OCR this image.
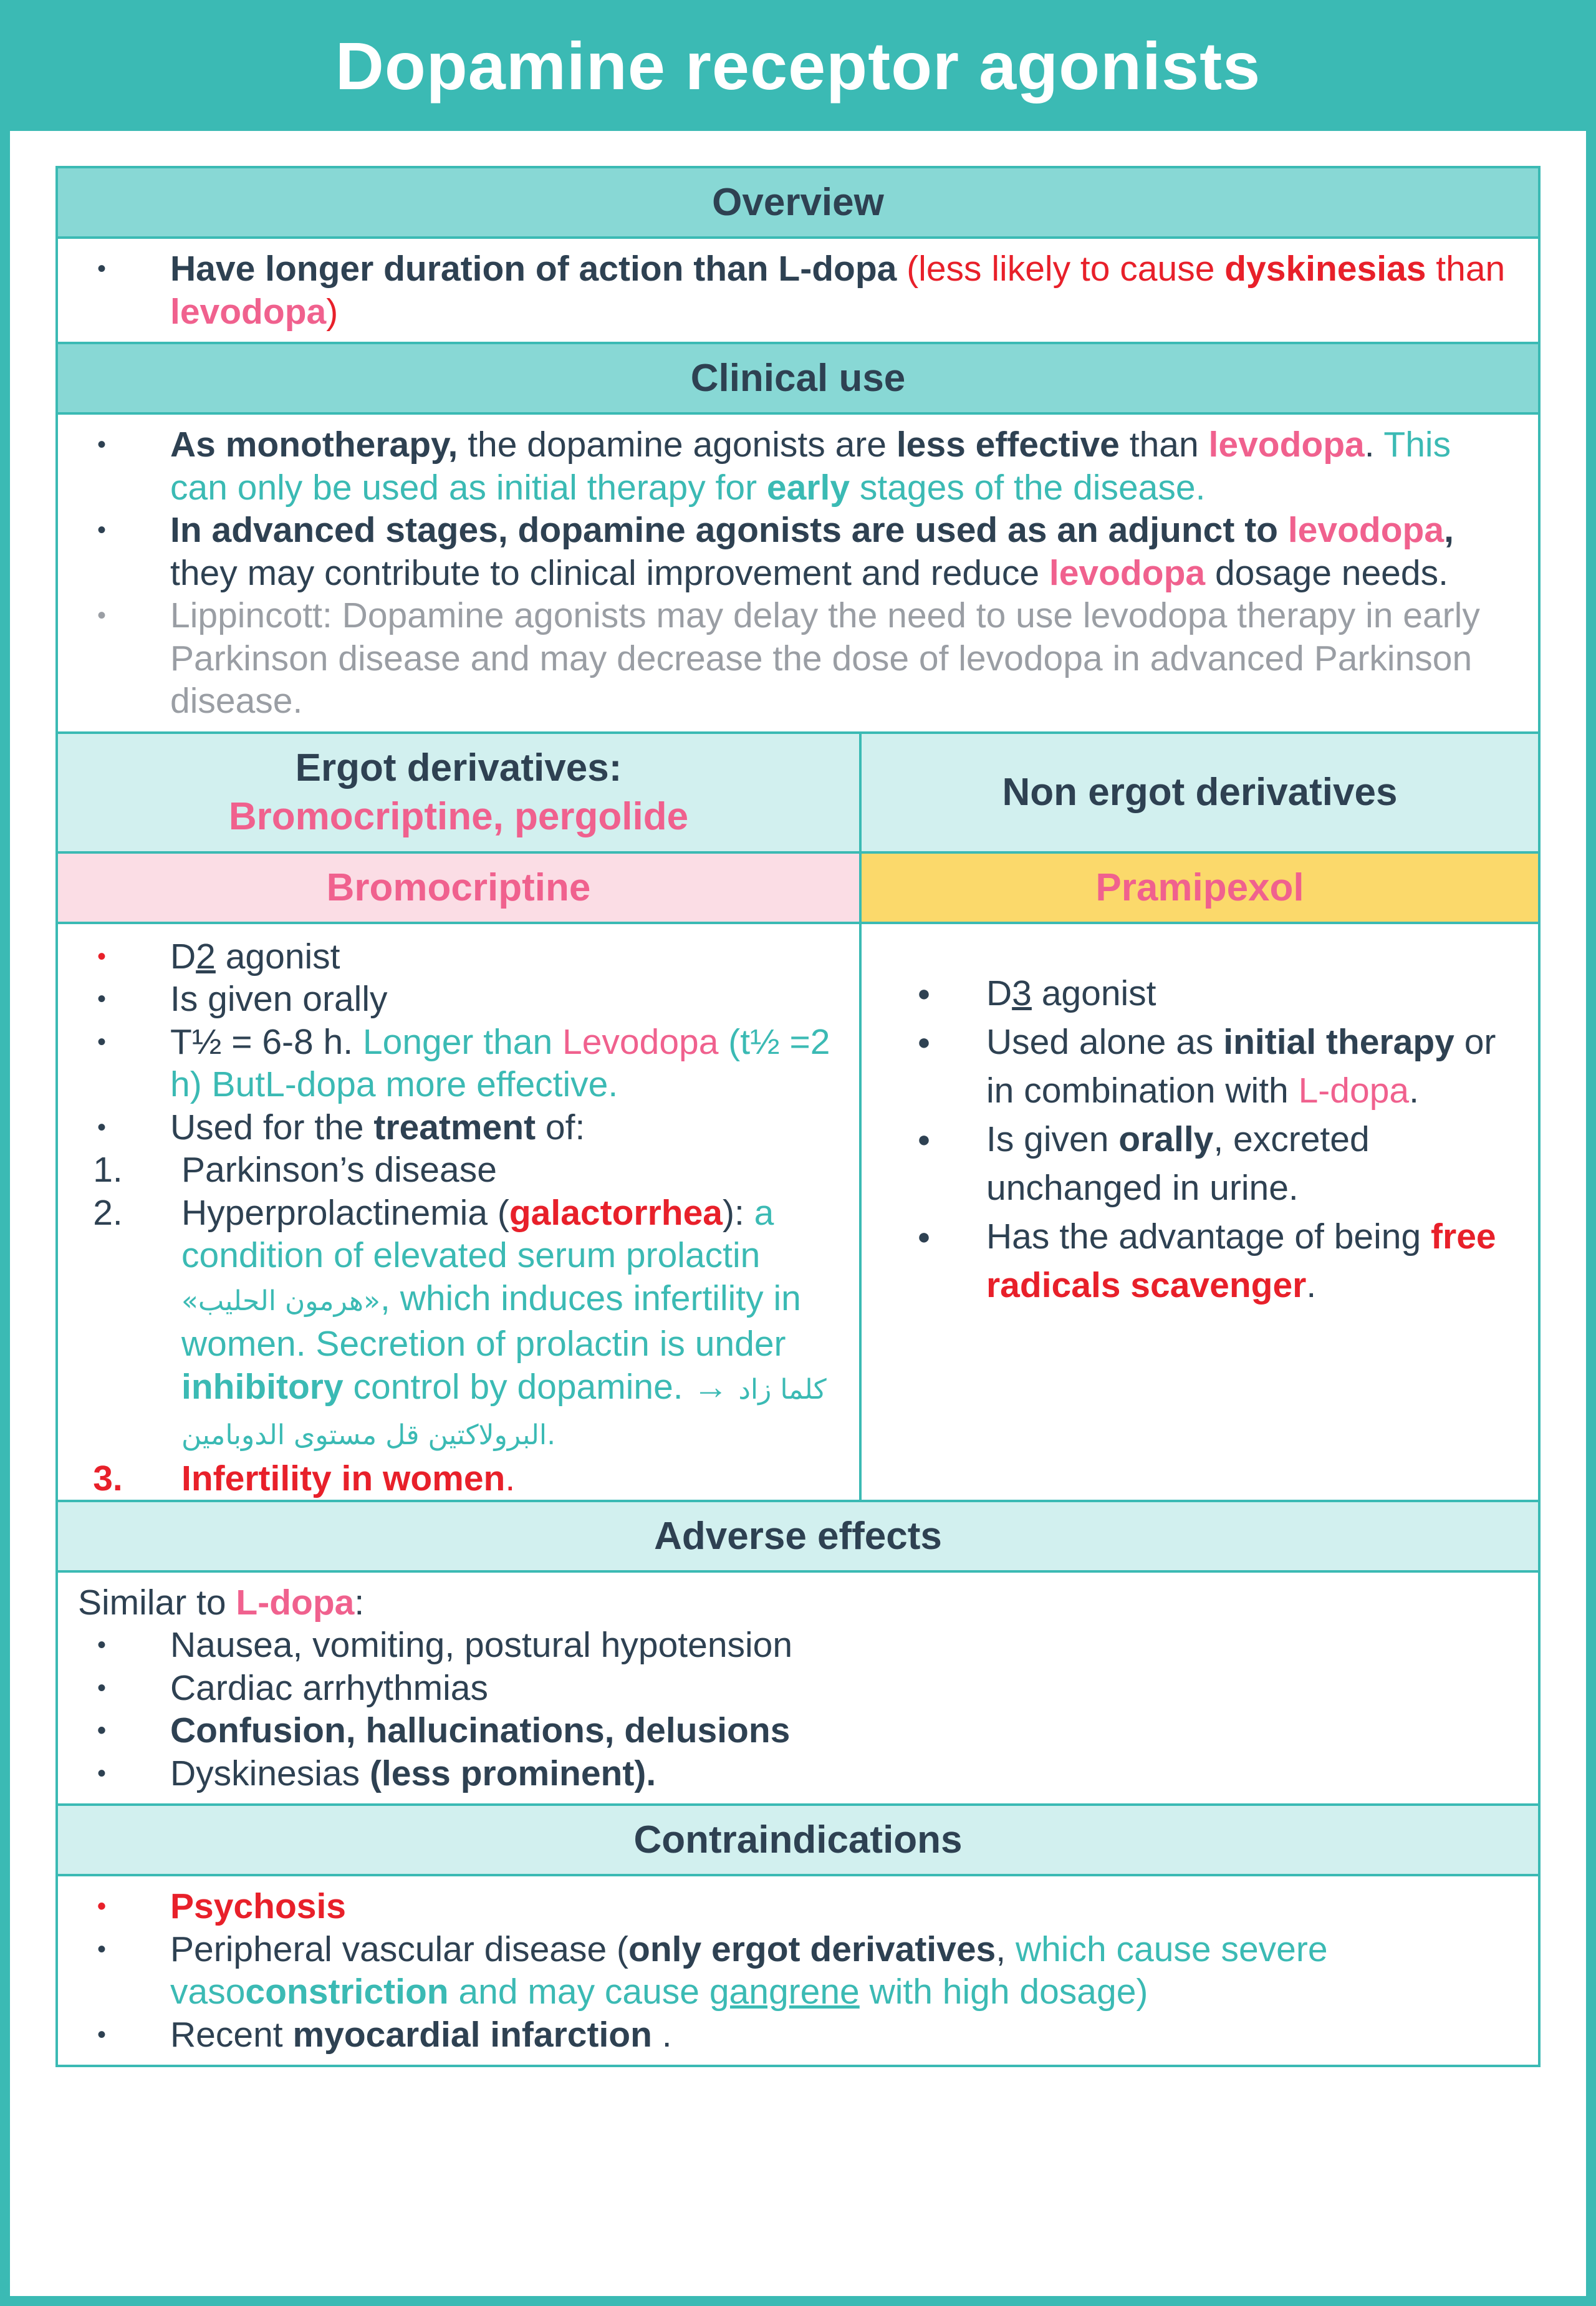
Dopamine receptor agonists
Overview
• Have longer duration of action than L-dopa (less likely to cause dyskinesias than levodopa)
Clinical use
• As monotherapy, the dopamine agonists are less effective than levodopa. This can only be used as initial therapy for early stages of the disease.
• In advanced stages, dopamine agonists are used as an adjunct to levodopa, they may contribute to clinical improvement and reduce levodopa dosage needs.
• Lippincott: Dopamine agonists may delay the need to use levodopa therapy in early Parkinson disease and may decrease the dose of levodopa in advanced Parkinson disease.
Ergot derivatives:
Bromocriptine, pergolide
Non ergot derivatives
Bromocriptine	Pramipexol
• D2 agonist
• Is given orally
• T½ = 6-8 h. Longer than Levodopa (t½ =2 h) ButL-dopa more effective.
• Used for the treatment of:
1. Parkinson’s disease
2. Hyperprolactinemia (galactorrhea): a condition of elevated serum prolactin «هرمون الحليب», which induces infertility in women. Secretion of prolactin is under inhibitory control by dopamine. → كلما زاد البرولاكتين قل مستوى الدوبامين.
3. Infertility in women.
● D3 agonist
● Used alone as initial therapy or in combination with L-dopa.
● Is given orally, excreted unchanged in urine.
● Has the advantage of being free radicals scavenger.
Adverse effects
Similar to L-dopa:
• Nausea, vomiting, postural hypotension
• Cardiac arrhythmias
• Confusion, hallucinations, delusions
• Dyskinesias (less prominent).
Contraindications
• Psychosis
• Peripheral vascular disease (only ergot derivatives, which cause severe vasoconstriction and may cause gangrene with high dosage)
• Recent myocardial infarction .
